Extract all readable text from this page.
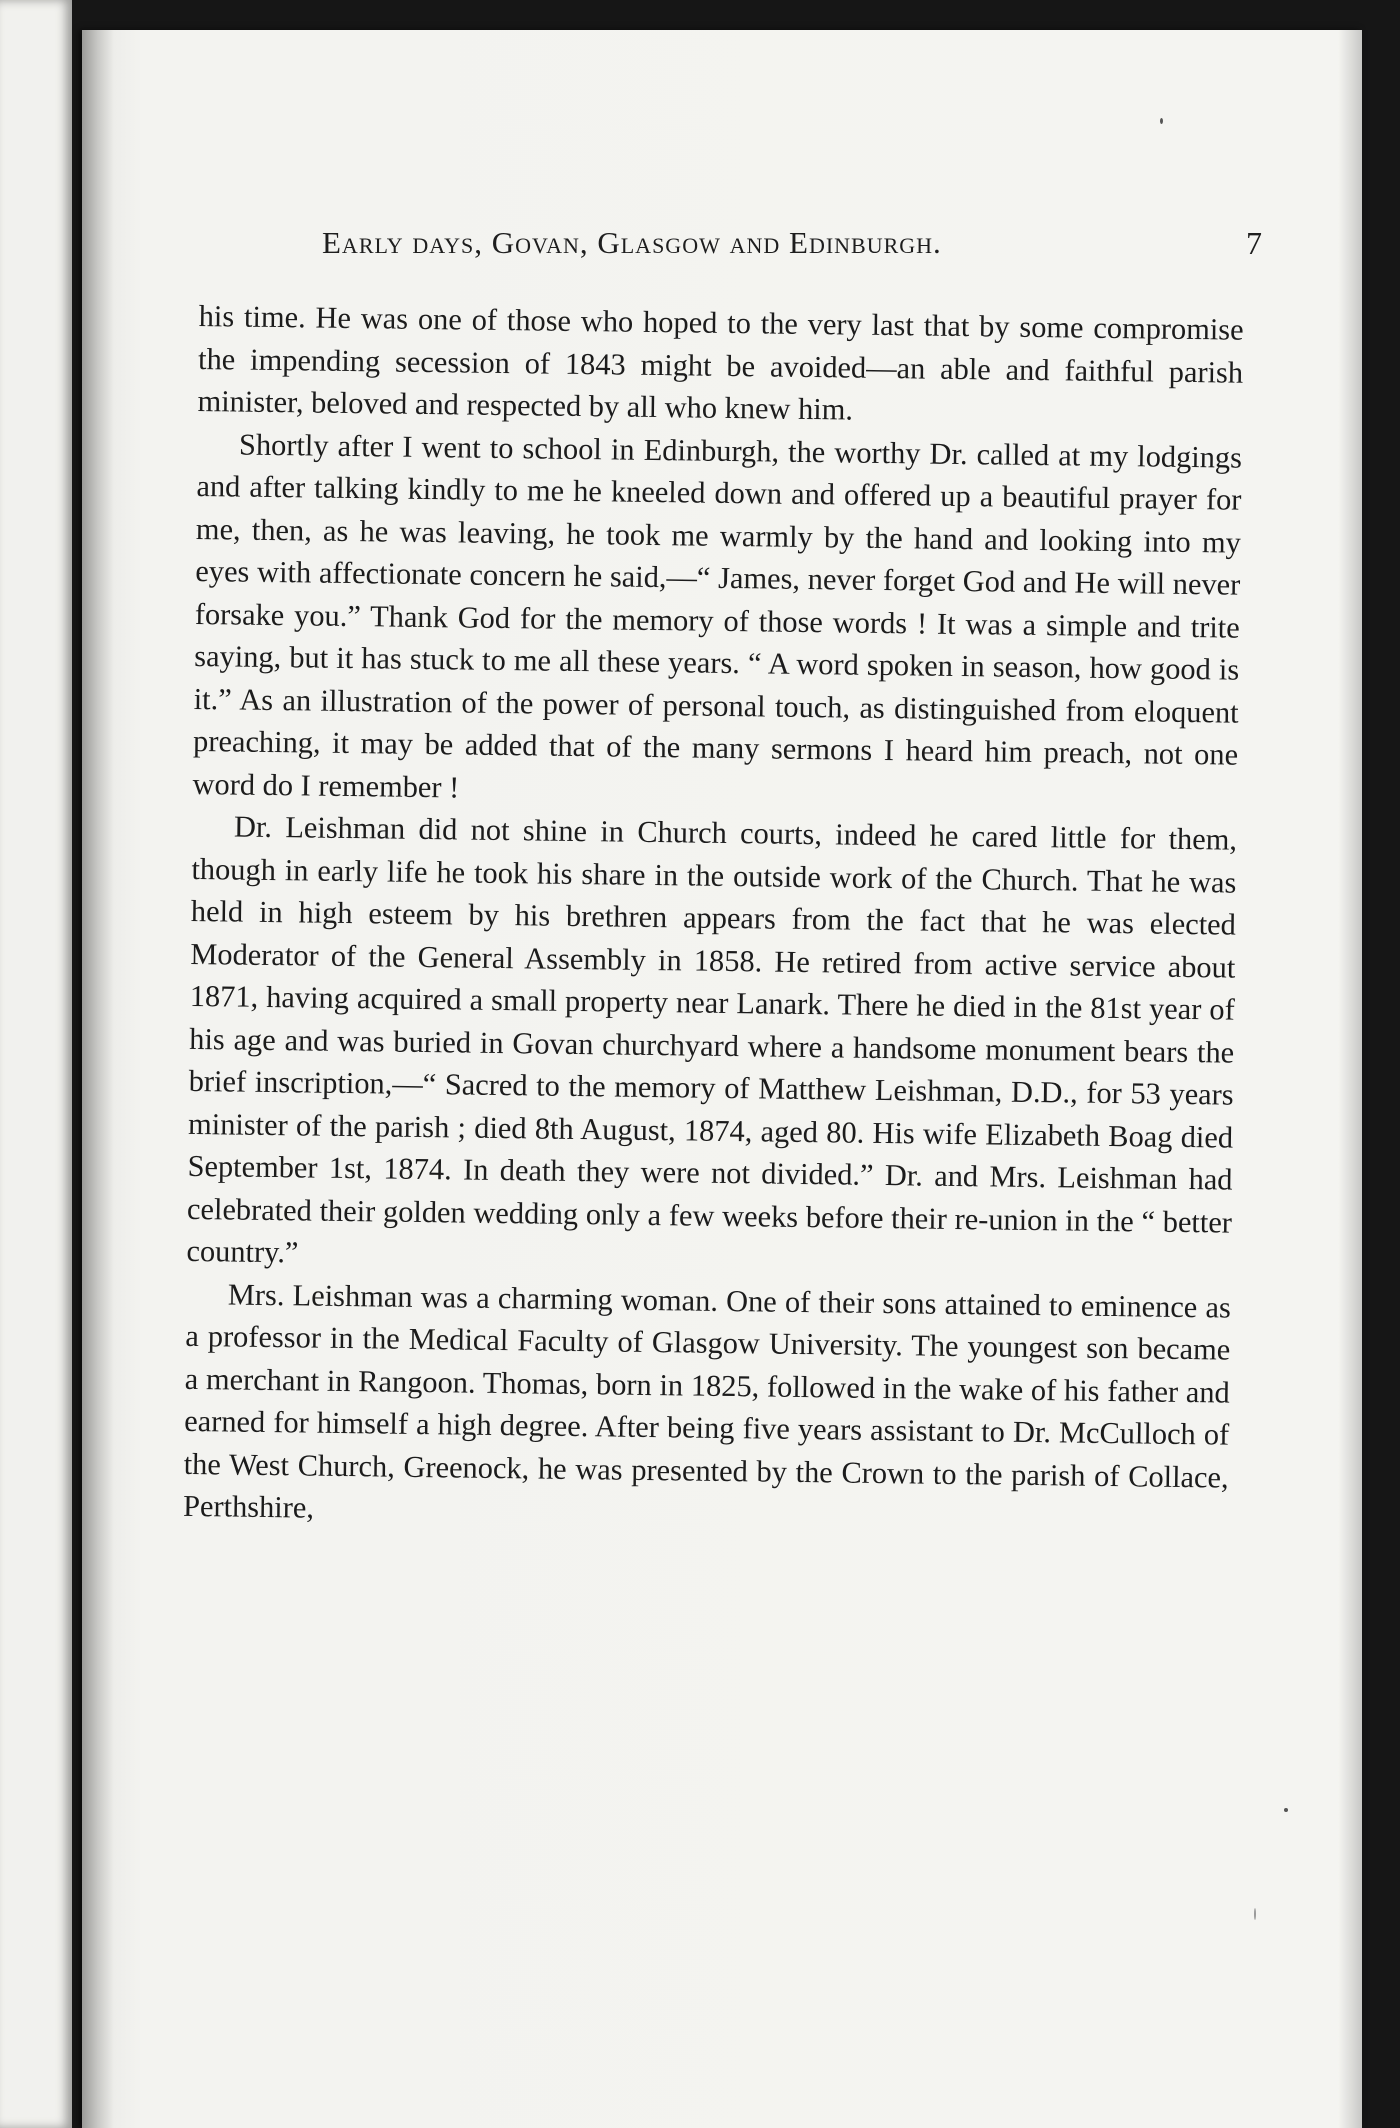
Early days, Govan, Glasgow and Edinburgh.	7

his time. He was one of those who hoped to the very last that by some compromise the impending secession of 1843 might be avoided—an able and faithful parish minister, beloved and respected by all who knew him.

Shortly after I went to school in Edinburgh, the worthy Dr. called at my lodgings and after talking kindly to me he kneeled down and offered up a beautiful prayer for me, then, as he was leaving, he took me warmly by the hand and looking into my eyes with affectionate concern he said,—“ James, never forget God and He will never forsake you.” Thank God for the memory of those words ! It was a simple and trite saying, but it has stuck to me all these years. “ A word spoken in season, how good is it.” As an illustration of the power of personal touch, as distinguished from eloquent preaching, it may be added that of the many sermons I heard him preach, not one word do I remember !

Dr. Leishman did not shine in Church courts, indeed he cared little for them, though in early life he took his share in the outside work of the Church. That he was held in high esteem by his brethren appears from the fact that he was elected Moderator of the General Assembly in 1858. He retired from active service about 1871, having acquired a small property near Lanark. There he died in the 81st year of his age and was buried in Govan churchyard where a handsome monument bears the brief inscription,—“ Sacred to the memory of Matthew Leishman, D.D., for 53 years minister of the parish ; died 8th August, 1874, aged 80. His wife Elizabeth Boag died September 1st, 1874. In death they were not divided.” Dr. and Mrs. Leishman had celebrated their golden wedding only a few weeks before their re-union in the “ better country.”

Mrs. Leishman was a charming woman. One of their sons attained to eminence as a professor in the Medical Faculty of Glasgow University. The youngest son became a merchant in Rangoon. Thomas, born in 1825, followed in the wake of his father and earned for himself a high degree. After being five years assistant to Dr. McCulloch of the West Church, Greenock, he was presented by the Crown to the parish of Collace, Perthshire,
